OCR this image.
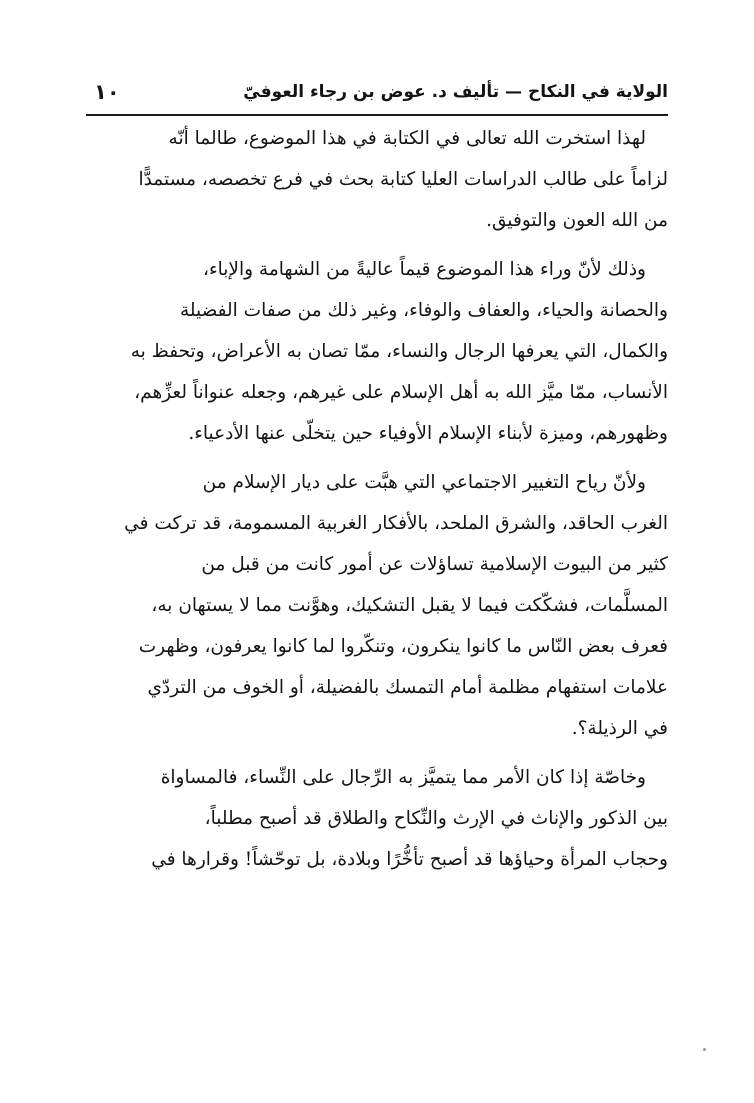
الولاية في النكاح — تأليف د. عوض بن رجاء العوفيّ
١٠
لهذا استخرت الله تعالى في الكتابة في هذا الموضوع، طالما أنّه
لزاماً على طالب الدراسات العليا كتابة بحث في فرع تخصصه، مستمدًّا
من الله العون والتوفيق.
وذلك لأنّ وراء هذا الموضوع قيماً عاليةً من الشهامة والإباء،
والحصانة والحياء، والعفاف والوفاء، وغير ذلك من صفات الفضيلة
والكمال، التي يعرفها الرجال والنساء، ممّا تصان به الأعراض، وتحفظ به
الأنساب، ممّا ميَّز الله به أهل الإسلام على غيرهم، وجعله عنواناً لعزِّهم،
وظهورهم، وميزة لأبناء الإسلام الأوفياء حين يتخلّى عنها الأدعياء.
ولأنّ رياح التغيير الاجتماعي التي هبَّت على ديار الإسلام من
الغرب الحاقد، والشرق الملحد، بالأفكار الغربية المسمومة، قد تركت في
كثير من البيوت الإسلامية تساؤلات عن أمور كانت من قبل من
المسلَّمات، فشكّكت فيما لا يقبل التشكيك، وهوَّنت مما لا يستهان به،
فعرف بعض النّاس ما كانوا ينكرون، وتنكّروا لما كانوا يعرفون، وظهرت
علامات استفهام مظلمة أمام التمسك بالفضيلة، أو الخوف من التردّي
في الرذيلة؟.
وخاصّة إذا كان الأمر مما يتميَّز به الرِّجال على النِّساء، فالمساواة
بين الذكور والإناث في الإرث والنِّكاح والطلاق قد أصبح مطلباً،
وحجاب المرأة وحياؤها قد أصبح تأخُّرًا وبلادة، بل توحّشاً! وقرارها في
